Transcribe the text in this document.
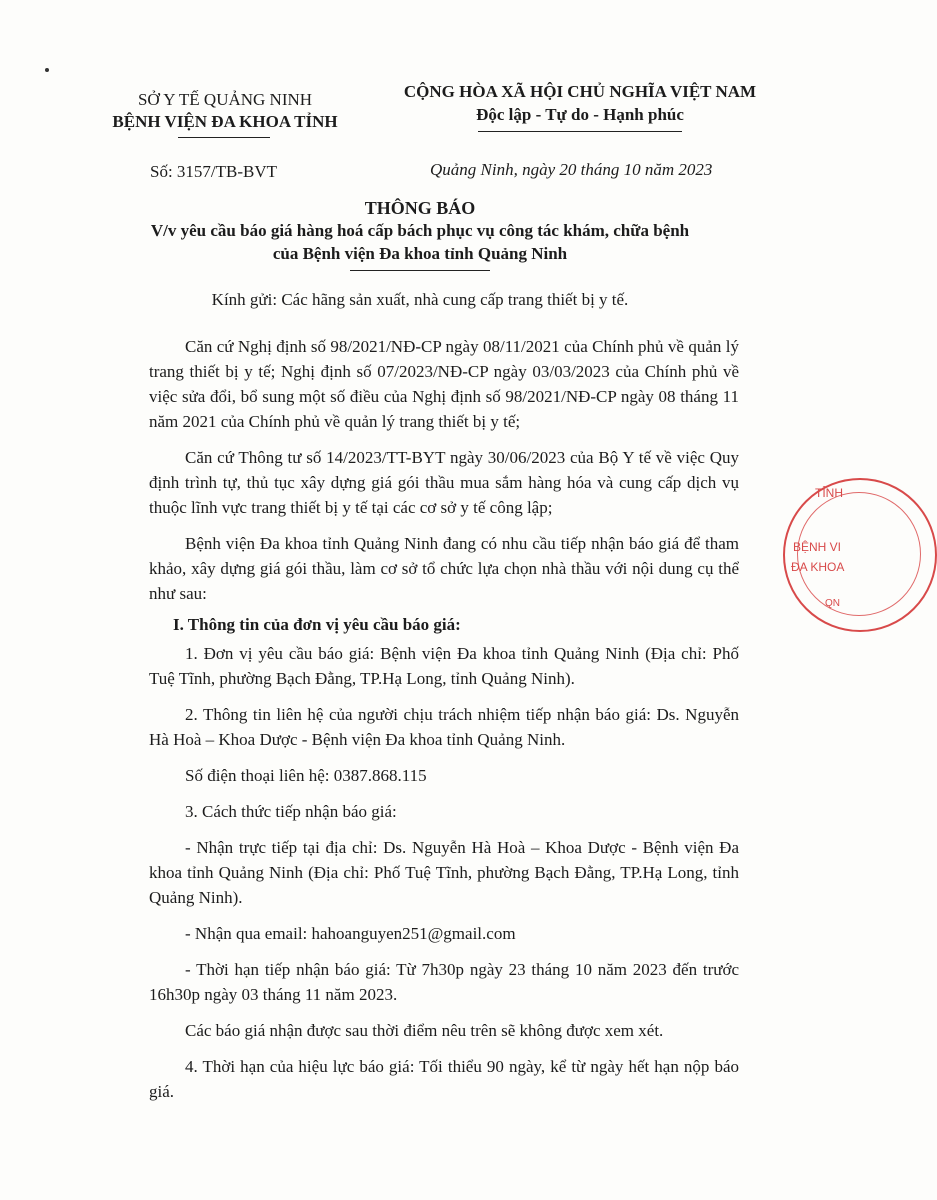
SỞ Y TẾ QUẢNG NINH
BỆNH VIỆN ĐA KHOA TỈNH
CỘNG HÒA XÃ HỘI CHỦ NGHĨA VIỆT NAM
Độc lập - Tự do - Hạnh phúc
Số: 3157/TB-BVT	Quảng Ninh, ngày 20 tháng 10 năm 2023
THÔNG BÁO
V/v yêu cầu báo giá hàng hoá cấp bách phục vụ công tác khám, chữa bệnh
của Bệnh viện Đa khoa tỉnh Quảng Ninh
Kính gửi: Các hãng sản xuất, nhà cung cấp trang thiết bị y tế.

Căn cứ Nghị định số 98/2021/NĐ-CP ngày 08/11/2021 của Chính phủ về quản lý trang thiết bị y tế; Nghị định số 07/2023/NĐ-CP ngày 03/03/2023 của Chính phủ về việc sửa đổi, bổ sung một số điều của Nghị định số 98/2021/NĐ-CP ngày 08 tháng 11 năm 2021 của Chính phủ về quản lý trang thiết bị y tế;

Căn cứ Thông tư số 14/2023/TT-BYT ngày 30/06/2023 của Bộ Y tế về việc Quy định trình tự, thủ tục xây dựng giá gói thầu mua sắm hàng hóa và cung cấp dịch vụ thuộc lĩnh vực trang thiết bị y tế tại các cơ sở y tế công lập;

Bệnh viện Đa khoa tỉnh Quảng Ninh đang có nhu cầu tiếp nhận báo giá để tham khảo, xây dựng giá gói thầu, làm cơ sở tổ chức lựa chọn nhà thầu với nội dung cụ thể như sau:

I. Thông tin của đơn vị yêu cầu báo giá:

1. Đơn vị yêu cầu báo giá: Bệnh viện Đa khoa tỉnh Quảng Ninh (Địa chỉ: Phố Tuệ Tĩnh, phường Bạch Đằng, TP.Hạ Long, tỉnh Quảng Ninh).

2. Thông tin liên hệ của người chịu trách nhiệm tiếp nhận báo giá: Ds. Nguyễn Hà Hoà – Khoa Dược - Bệnh viện Đa khoa tỉnh Quảng Ninh.

Số điện thoại liên hệ: 0387.868.115

3. Cách thức tiếp nhận báo giá:

- Nhận trực tiếp tại địa chỉ: Ds. Nguyễn Hà Hoà – Khoa Dược - Bệnh viện Đa khoa tỉnh Quảng Ninh (Địa chỉ: Phố Tuệ Tĩnh, phường Bạch Đằng, TP.Hạ Long, tỉnh Quảng Ninh).

- Nhận qua email: hahoanguyen251@gmail.com

- Thời hạn tiếp nhận báo giá: Từ 7h30p ngày 23 tháng 10 năm 2023 đến trước 16h30p ngày 03 tháng 11 năm 2023.

Các báo giá nhận được sau thời điểm nêu trên sẽ không được xem xét.

4. Thời hạn của hiệu lực báo giá: Tối thiểu 90 ngày, kể từ ngày hết hạn nộp báo giá.

TỈNH
BỆNH VI
ĐA KHOA
QN
